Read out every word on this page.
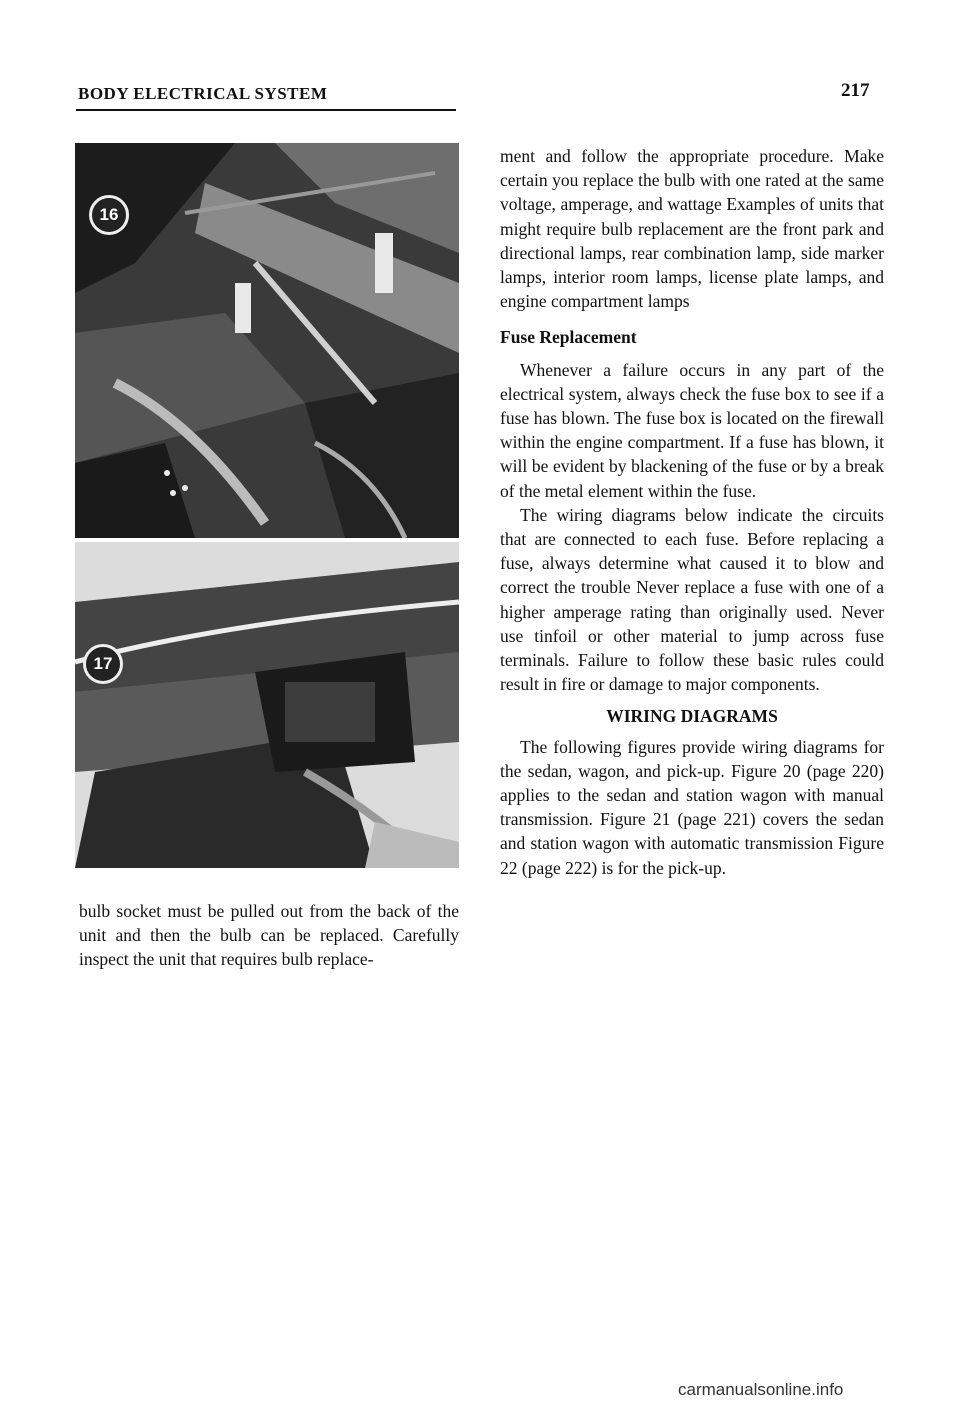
BODY ELECTRICAL SYSTEM	217
16
17

bulb socket must be pulled out from the back of the unit and then the bulb can be replaced. Carefully inspect the unit that requires bulb replace-

ment and follow the appropriate procedure. Make certain you replace the bulb with one rated at the same voltage, amperage, and wattage Examples of units that might require bulb replacement are the front park and directional lamps, rear combination lamp, side marker lamps, interior room lamps, license plate lamps, and engine compartment lamps

Fuse Replacement

Whenever a failure occurs in any part of the electrical system, always check the fuse box to see if a fuse has blown. The fuse box is located on the firewall within the engine compartment. If a fuse has blown, it will be evident by blackening of the fuse or by a break of the metal element within the fuse.

The wiring diagrams below indicate the circuits that are connected to each fuse. Before replacing a fuse, always determine what caused it to blow and correct the trouble Never replace a fuse with one of a higher amperage rating than originally used. Never use tinfoil or other material to jump across fuse terminals. Failure to follow these basic rules could result in fire or damage to major components.

WIRING DIAGRAMS

The following figures provide wiring diagrams for the sedan, wagon, and pick-up. Figure 20 (page 220) applies to the sedan and station wagon with manual transmission. Figure 21 (page 221) covers the sedan and station wagon with automatic transmission Figure 22 (page 222) is for the pick-up.

carmanualsonline.info
